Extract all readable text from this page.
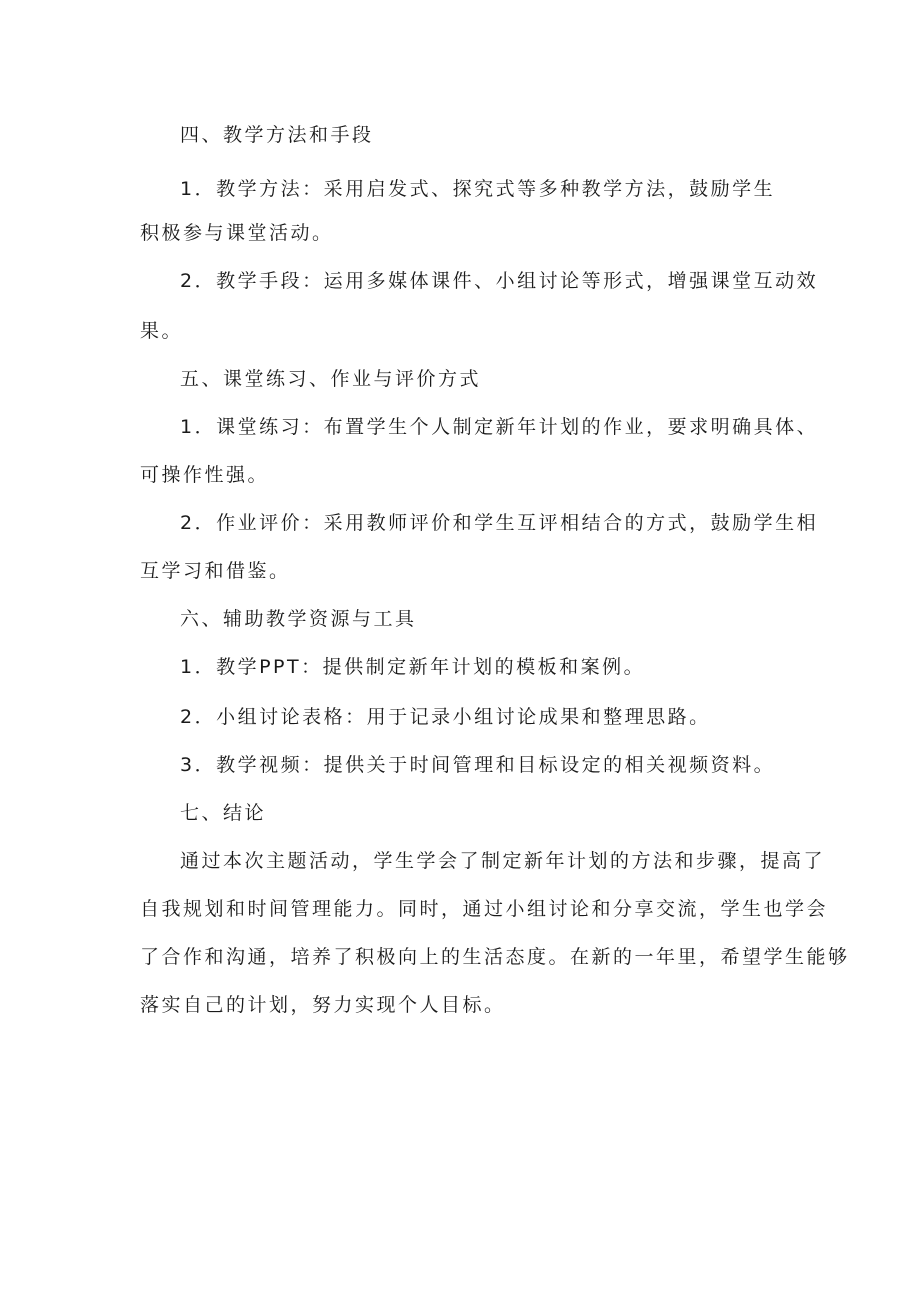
四、教学方法和手段
1．教学方法：采用启发式、探究式等多种教学方法，鼓励学生
积极参与课堂活动。
2．教学手段：运用多媒体课件、小组讨论等形式，增强课堂互动效
果。
五、课堂练习、作业与评价方式
1．课堂练习：布置学生个人制定新年计划的作业，要求明确具体、
可操作性强。
2．作业评价：采用教师评价和学生互评相结合的方式，鼓励学生相
互学习和借鉴。
六、辅助教学资源与工具
1．教学PPT：提供制定新年计划的模板和案例。
2．小组讨论表格：用于记录小组讨论成果和整理思路。
3．教学视频：提供关于时间管理和目标设定的相关视频资料。
七、结论
通过本次主题活动，学生学会了制定新年计划的方法和步骤，提高了
自我规划和时间管理能力。同时，通过小组讨论和分享交流，学生也学会
了合作和沟通，培养了积极向上的生活态度。在新的一年里，希望学生能够
落实自己的计划，努力实现个人目标。
